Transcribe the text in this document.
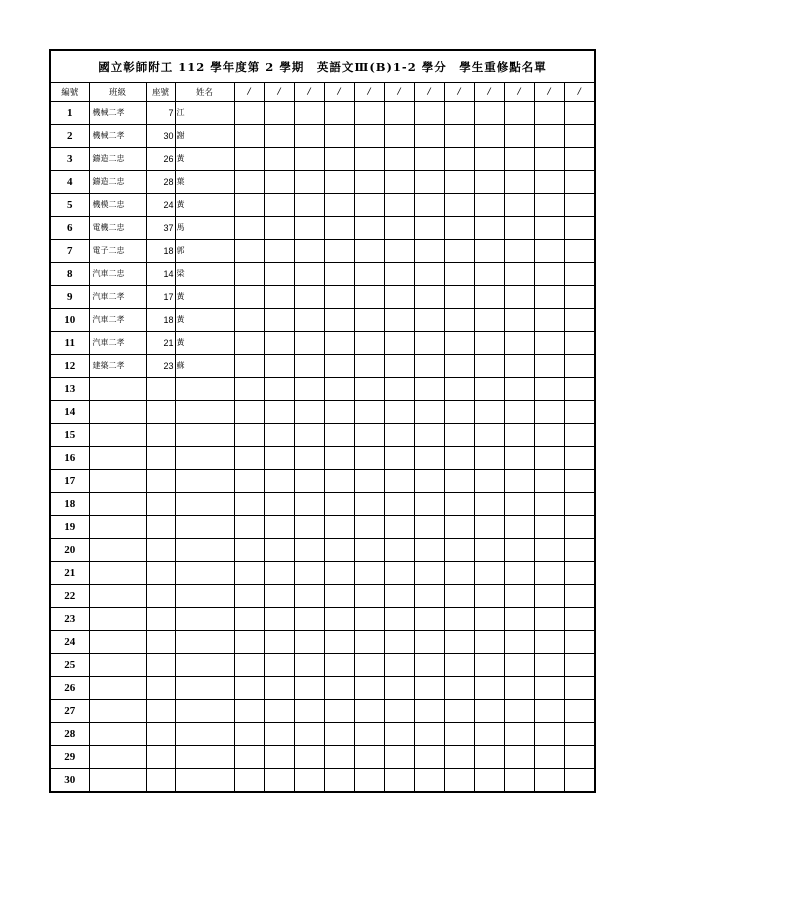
國立彰師附工 112 學年度第 2 學期　英語文Ⅲ(B)1-2 學分　學生重修點名單
編號	班級	座號	姓名	/	/	/	/	/	/	/	/	/	/	/	/
1	機械二孝	7	江

2	機械二孝	30	謝

3	鑄造二忠	26	黃

4	鑄造二忠	28	葉

5	機模二忠	24	黃

6	電機二忠	37	馬

7	電子二忠	18	郭

8	汽車二忠	14	梁

9	汽車二孝	17	黃

10	汽車二孝	18	黃

11	汽車二孝	21	黃

12	建築二孝	23	蘇

13			

14			

15			

16			

17			

18			

19			

20			

21			

22			

23			

24			

25			

26			

27			

28			

29			

30			
